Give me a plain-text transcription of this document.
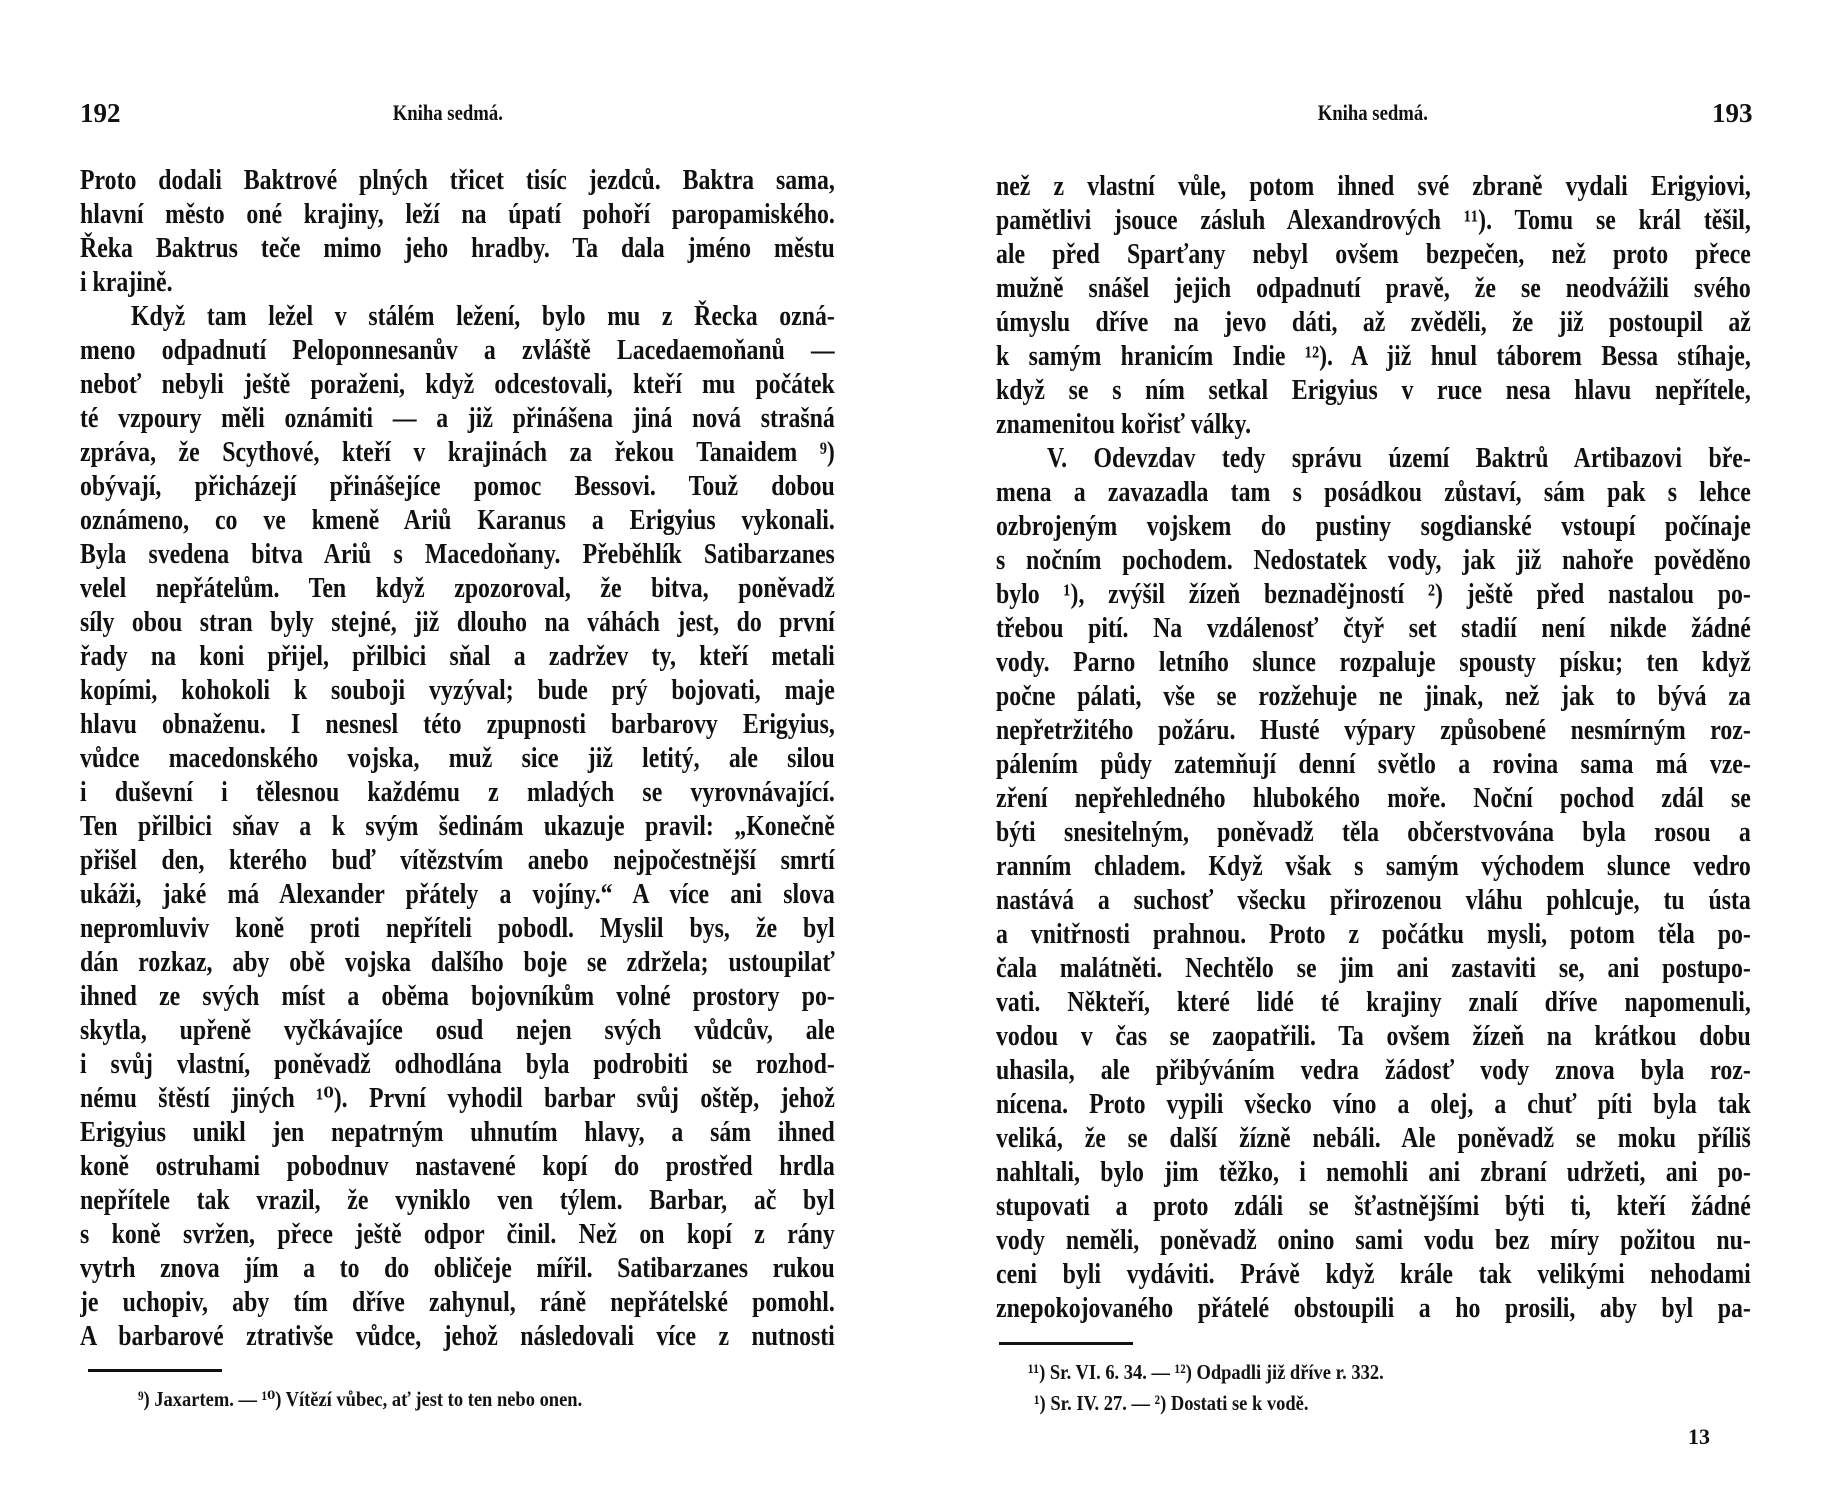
192	Kniha sedmá.
Proto dodali Baktrové plných třicet tisíc jezdců. Baktra sama,
hlavní město oné krajiny, leží na úpatí pohoří paropamiského.
Řeka Baktrus teče mimo jeho hradby. Ta dala jméno městu
i krajině.
Když tam ležel v stálém ležení, bylo mu z Řecka ozná-
meno odpadnutí Peloponnesanův a zvláště Lacedaemoňanů —
neboť nebyli ještě poraženi, když odcestovali, kteří mu počátek
té vzpoury měli oznámiti — a již přinášena jiná nová strašná
zpráva, že Scythové, kteří v krajinách za řekou Tanaidem ⁹)
obývají, přicházejí přinášejíce pomoc Bessovi. Touž dobou
oznámeno, co ve kmeně Ariů Karanus a Erigyius vykonali.
Byla svedena bitva Ariů s Macedoňany. Přeběhlík Satibarzanes
velel nepřátelům. Ten když zpozoroval, že bitva, poněvadž
síly obou stran byly stejné, již dlouho na váhách jest, do první
řady na koni přijel, přilbici sňal a zadržev ty, kteří metali
kopími, kohokoli k souboji vyzýval; bude prý bojovati, maje
hlavu obnaženu. I nesnesl této zpupnosti barbarovy Erigyius,
vůdce macedonského vojska, muž sice již letitý, ale silou
i duševní i tělesnou každému z mladých se vyrovnávající.
Ten přilbici sňav a k svým šedinám ukazuje pravil: „Konečně
přišel den, kterého buď vítězstvím anebo nejpočestnější smrtí
ukáži, jaké má Alexander přátely a vojíny.“ A více ani slova
nepromluviv koně proti nepříteli pobodl. Myslil bys, že byl
dán rozkaz, aby obě vojska dalšího boje se zdržela; ustoupilať
ihned ze svých míst a oběma bojovníkům volné prostory po-
skytla, upřeně vyčkávajíce osud nejen svých vůdcův, ale
i svůj vlastní, poněvadž odhodlána byla podrobiti se rozhod-
nému štěstí jiných ¹⁰). První vyhodil barbar svůj oštěp, jehož
Erigyius unikl jen nepatrným uhnutím hlavy, a sám ihned
koně ostruhami pobodnuv nastavené kopí do prostřed hrdla
nepřítele tak vrazil, že vyniklo ven týlem. Barbar, ač byl
s koně svržen, přece ještě odpor činil. Než on kopí z rány
vytrh znova jím a to do obličeje mířil. Satibarzanes rukou
je uchopiv, aby tím dříve zahynul, ráně nepřátelské pomohl.
A barbarové ztrativše vůdce, jehož následovali více z nutnosti
⁹) Jaxartem. — ¹⁰) Vítězí vůbec, ať jest to ten nebo onen.
Kniha sedmá.	193
než z vlastní vůle, potom ihned své zbraně vydali Erigyiovi,
pamětlivi jsouce zásluh Alexandrových ¹¹). Tomu se král těšil,
ale před Sparťany nebyl ovšem bezpečen, než proto přece
mužně snášel jejich odpadnutí pravě, že se neodvážili svého
úmyslu dříve na jevo dáti, až zvěděli, že již postoupil až
k samým hranicím Indie ¹²). A již hnul táborem Bessa stíhaje,
když se s ním setkal Erigyius v ruce nesa hlavu nepřítele,
znamenitou kořisť války.
V. Odevzdav tedy správu území Baktrů Artibazovi bře-
mena a zavazadla tam s posádkou zůstaví, sám pak s lehce
ozbrojeným vojskem do pustiny sogdianské vstoupí počínaje
s nočním pochodem. Nedostatek vody, jak již nahoře pověděno
bylo ¹), zvýšil žízeň beznadějností ²) ještě před nastalou po-
třebou pití. Na vzdálenosť čtyř set stadií není nikde žádné
vody. Parno letního slunce rozpaluje spousty písku; ten když
počne pálati, vše se rozžehuje ne jinak, než jak to bývá za
nepřetržitého požáru. Husté výpary způsobené nesmírným roz-
pálením půdy zatemňují denní světlo a rovina sama má vze-
zření nepřehledného hlubokého moře. Noční pochod zdál se
býti snesitelným, poněvadž těla občerstvována byla rosou a
ranním chladem. Když však s samým východem slunce vedro
nastává a suchosť všecku přirozenou vláhu pohlcuje, tu ústa
a vnitřnosti prahnou. Proto z počátku mysli, potom těla po-
čala malátněti. Nechtělo se jim ani zastaviti se, ani postupo-
vati. Někteří, které lidé té krajiny znalí dříve napomenuli,
vodou v čas se zaopatřili. Ta ovšem žízeň na krátkou dobu
uhasila, ale přibýváním vedra žádosť vody znova byla roz-
nícena. Proto vypili všecko víno a olej, a chuť píti byla tak
veliká, že se další žízně nebáli. Ale poněvadž se moku příliš
nahltali, bylo jim těžko, i nemohli ani zbraní udržeti, ani po-
stupovati a proto zdáli se šťastnějšími býti ti, kteří žádné
vody neměli, poněvadž onino sami vodu bez míry požitou nu-
ceni byli vydáviti. Právě když krále tak velikými nehodami
znepokojovaného přátelé obstoupili a ho prosili, aby byl pa-
¹¹) Sr. VI. 6. 34. — ¹²) Odpadli již dříve r. 332.
¹) Sr. IV. 27. — ²) Dostati se k vodě.
13
